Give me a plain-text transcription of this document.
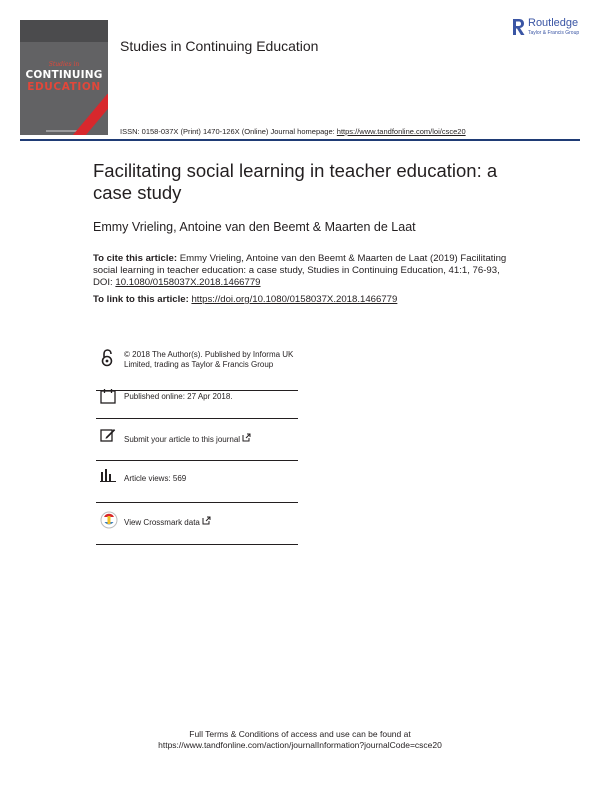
Studies in
CONTINUING
EDUCATION
Studies in Continuing Education
ISSN: 0158-037X (Print) 1470-126X (Online) Journal homepage: https://www.tandfonline.com/loi/csce20
Routledge
Taylor & Francis Group
Facilitating social learning in teacher education: a case study
Emmy Vrieling, Antoine van den Beemt & Maarten de Laat
To cite this article: Emmy Vrieling, Antoine van den Beemt & Maarten de Laat (2019) Facilitating social learning in teacher education: a case study, Studies in Continuing Education, 41:1, 76-93, DOI: 10.1080/0158037X.2018.1466779
To link to this article: https://doi.org/10.1080/0158037X.2018.1466779
© 2018 The Author(s). Published by Informa UK Limited, trading as Taylor & Francis Group
Published online: 27 Apr 2018.
Submit your article to this journal
Article views: 569
View Crossmark data
Full Terms & Conditions of access and use can be found at
https://www.tandfonline.com/action/journalInformation?journalCode=csce20
